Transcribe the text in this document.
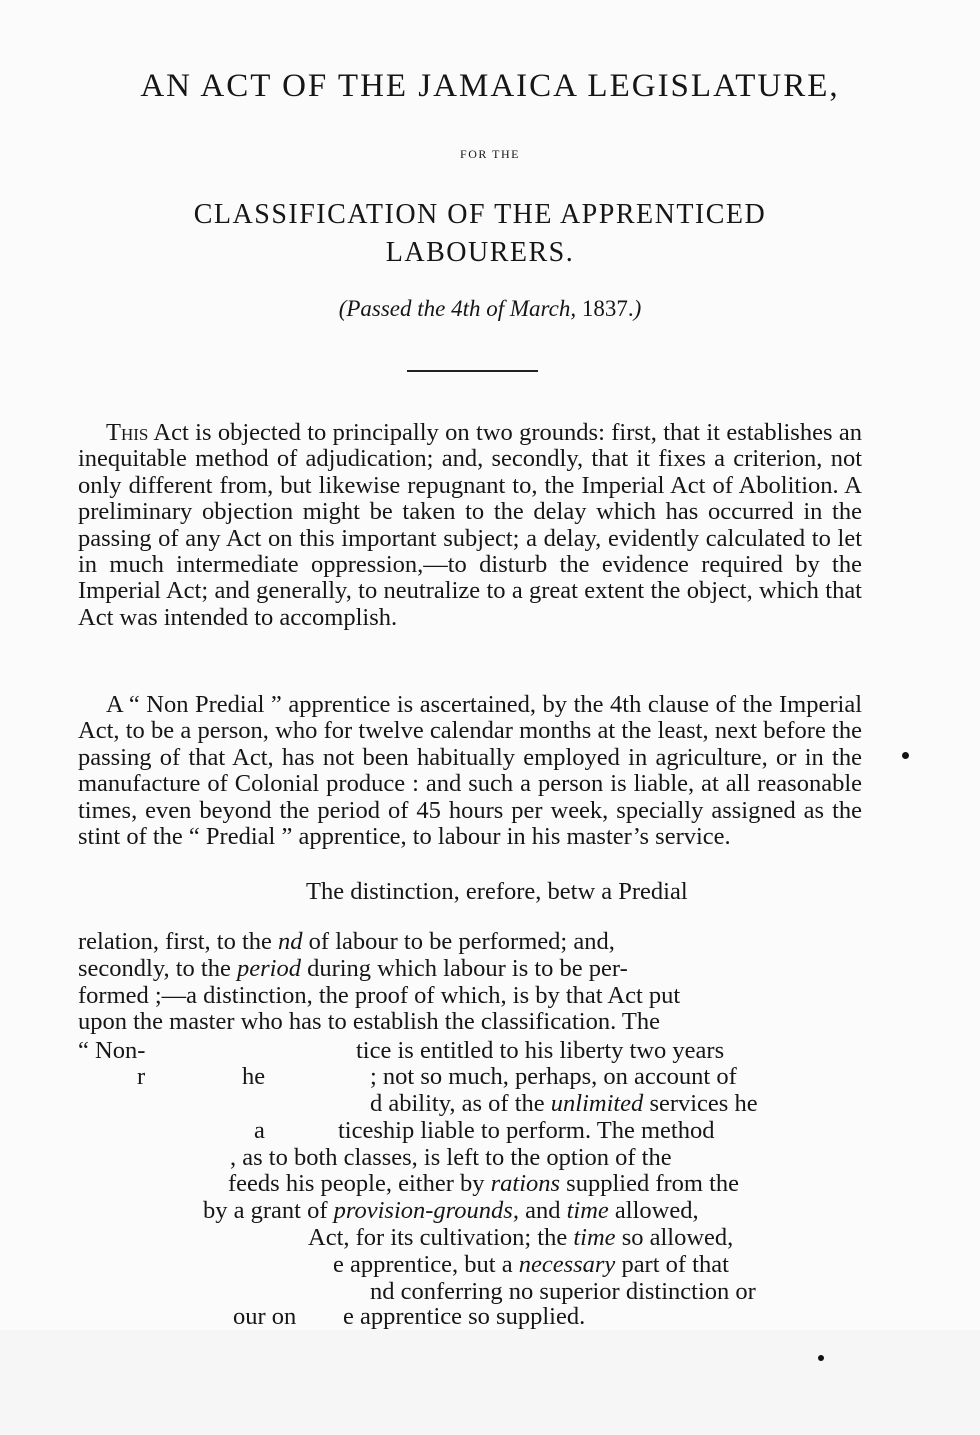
AN ACT OF THE JAMAICA LEGISLATURE,
FOR THE
CLASSIFICATION OF THE APPRENTICED
LABOURERS.
(Passed the 4th of March, 1837.)

This Act is objected to principally on two grounds: first, that it establishes an inequitable method of adjudication; and, secondly, that it fixes a criterion, not only different from, but likewise repugnant to, the Imperial Act of Abolition. A preliminary objection might be taken to the delay which has occurred in the passing of any Act on this important subject; a delay, evidently calculated to let in much intermediate oppression,—to disturb the evidence required by the Imperial Act; and generally, to neutralize to a great extent the object, which that Act was intended to accomplish.

A “ Non Predial ” apprentice is ascertained, by the 4th clause of the Imperial Act, to be a person, who for twelve calendar months at the least, next before the passing of that Act, has not been habitually employed in agriculture, or in the manufacture of Colonial produce : and such a person is liable, at all reasonable times, even beyond the period of 45 hours per week, specially assigned as the stint of the “ Predial ” apprentice, to labour in his master’s service.

The distinction, erefore, betw a Predial
relation, first, to the nd of labour to be performed; and,
secondly, to the period during which labour is to be per-
formed ;—a distinction, the proof of which, is by that Act put
upon the master who has to establish the classification. The
“ Non-	tice is entitled to his liberty two years
r	he	; not so much, perhaps, on account of
d ability, as of the unlimited services he
a	ticeship liable to perform. The method
, as to both classes, is left to the option of the
feeds his people, either by rations supplied from the
by a grant of provision-grounds, and time allowed,
Act, for its cultivation; the time so allowed,
e apprentice, but a necessary part of that
nd conferring no superior distinction or
our on e apprentice so supplied.
